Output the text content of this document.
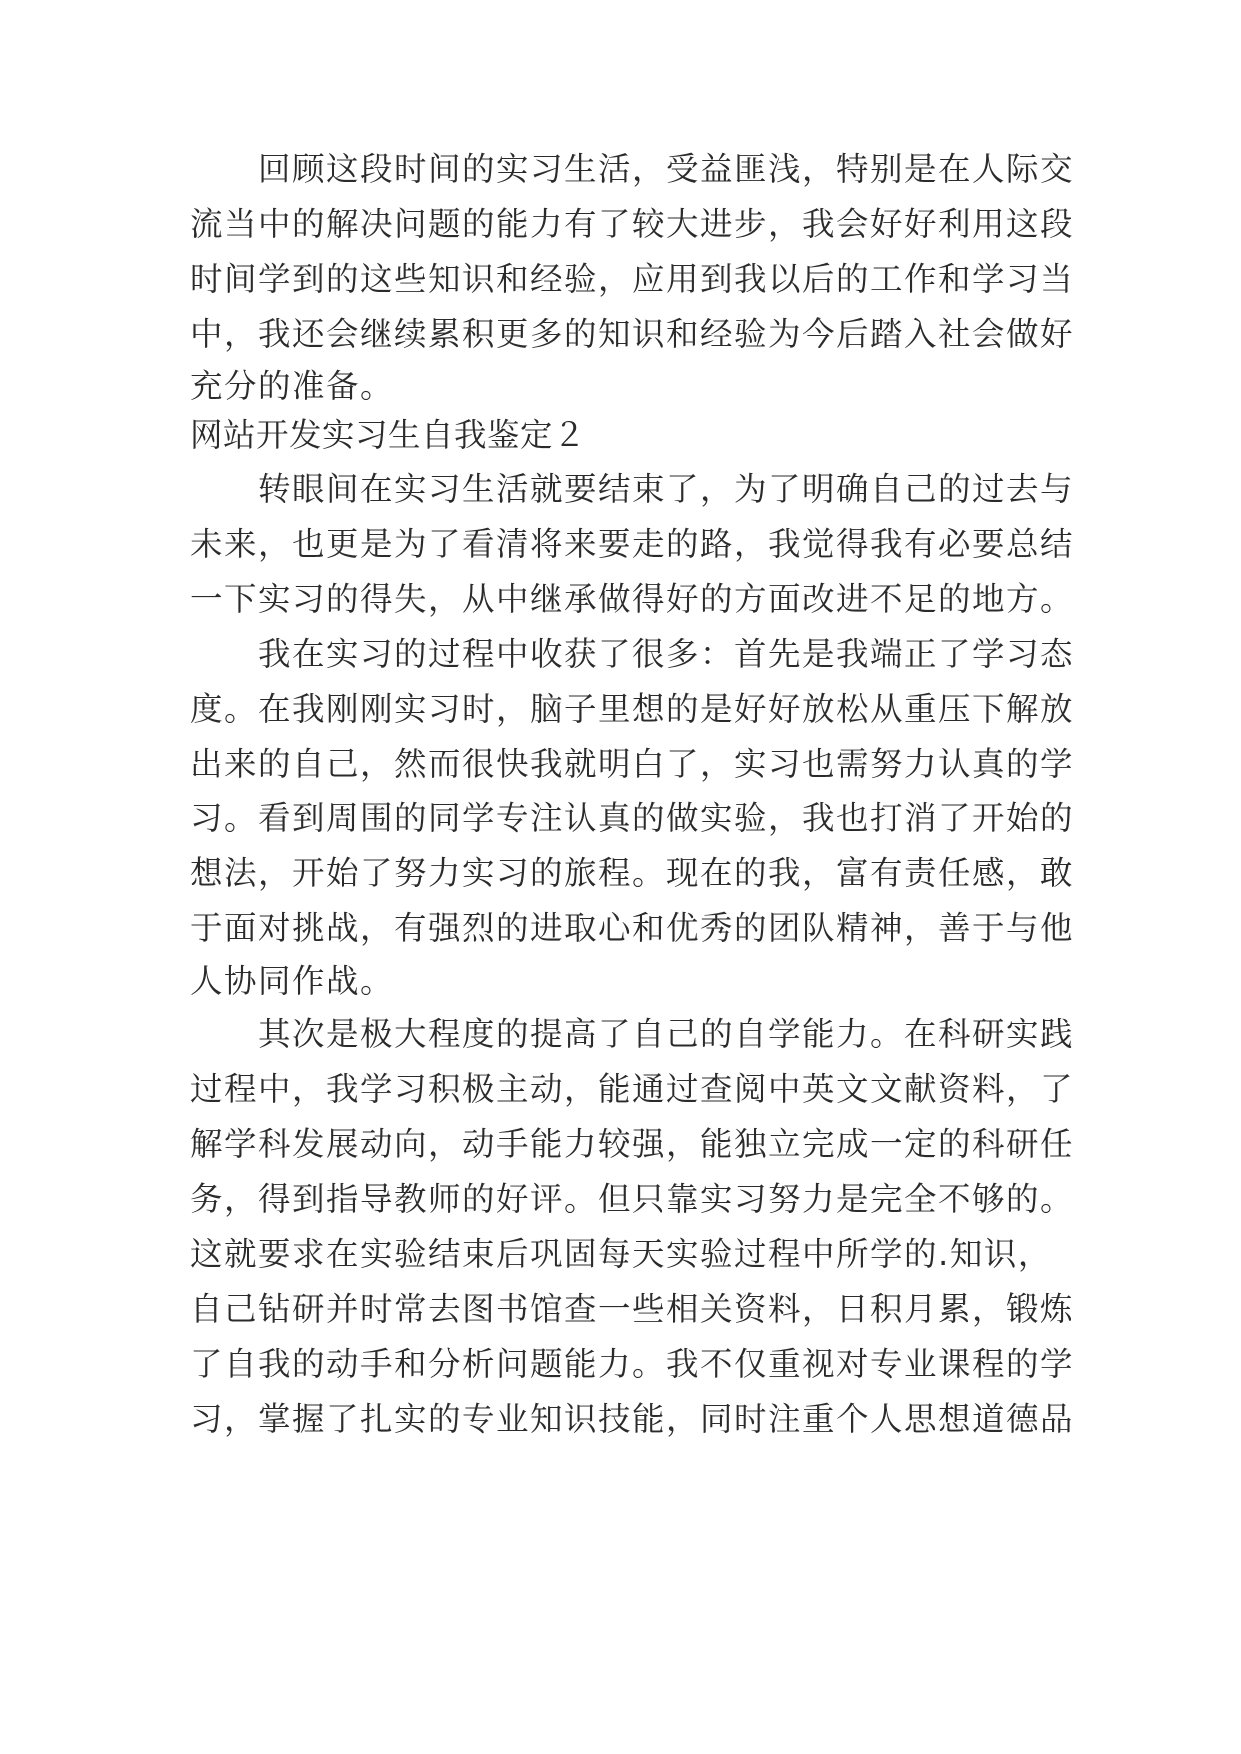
回顾这段时间的实习生活，受益匪浅，特别是在人际交
流当中的解决问题的能力有了较大进步，我会好好利用这段
时间学到的这些知识和经验，应用到我以后的工作和学习当
中，我还会继续累积更多的知识和经验为今后踏入社会做好
充分的准备。
网站开发实习生自我鉴定２
转眼间在实习生活就要结束了，为了明确自己的过去与
未来，也更是为了看清将来要走的路，我觉得我有必要总结
一下实习的得失，从中继承做得好的方面改进不足的地方。
我在实习的过程中收获了很多：首先是我端正了学习态
度。在我刚刚实习时，脑子里想的是好好放松从重压下解放
出来的自己，然而很快我就明白了，实习也需努力认真的学
习。看到周围的同学专注认真的做实验，我也打消了开始的
想法，开始了努力实习的旅程。现在的我，富有责任感，敢
于面对挑战，有强烈的进取心和优秀的团队精神，善于与他
人协同作战。
其次是极大程度的提高了自己的自学能力。在科研实践
过程中，我学习积极主动，能通过查阅中英文文献资料，了
解学科发展动向，动手能力较强，能独立完成一定的科研任
务，得到指导教师的好评。但只靠实习努力是完全不够的。
这就要求在实验结束后巩固每天实验过程中所学的.知识，
自己钻研并时常去图书馆查一些相关资料，日积月累，锻炼
了自我的动手和分析问题能力。我不仅重视对专业课程的学
习，掌握了扎实的专业知识技能，同时注重个人思想道德品
